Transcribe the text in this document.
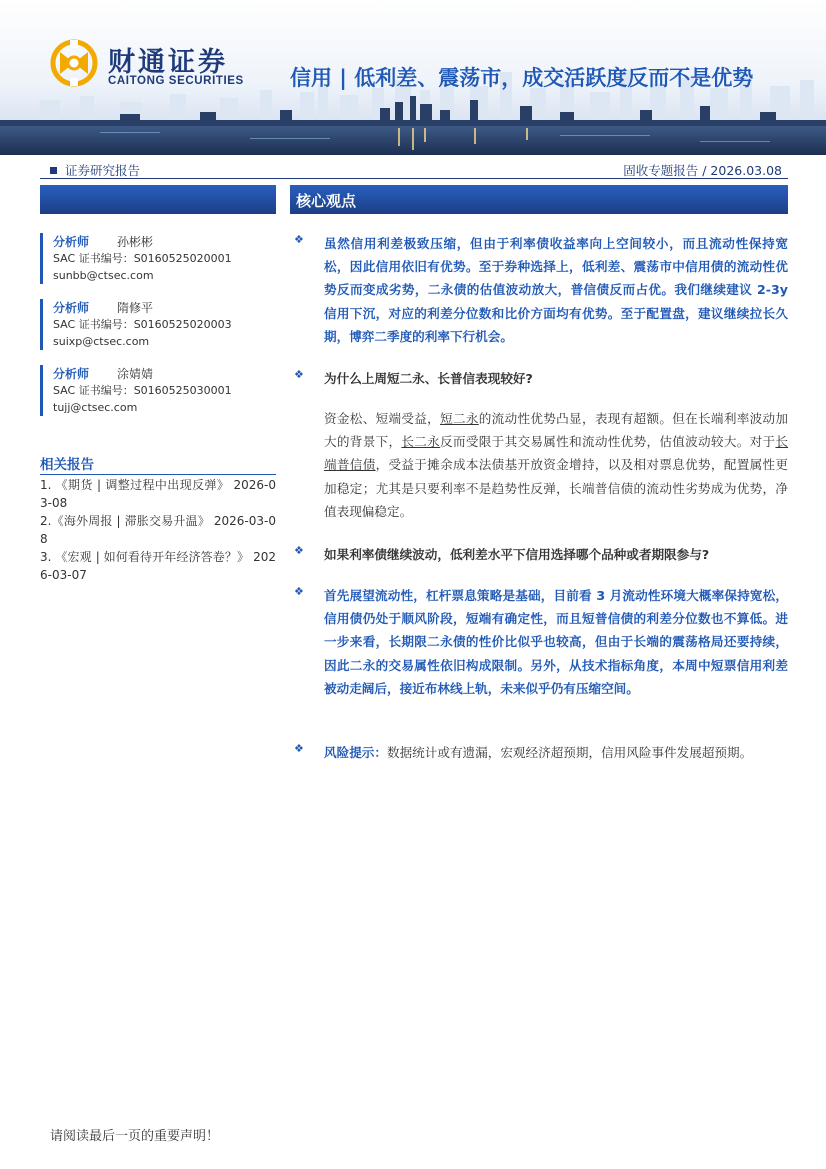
财通证券
CAITONG SECURITIES 信用 | 低利差、震荡市，成交活跃度反而不是优势
证券研究报告	固收专题报告 / 2026.03.08
分析师	孙彬彬
SAC 证书编号：S0160525020001
sunbb@ctsec.com
分析师	隋修平
SAC 证书编号：S0160525020003
suixp@ctsec.com
分析师	涂婧婧
SAC 证书编号：S0160525030001
tujj@ctsec.com
相关报告
1. 《期货 | 调整过程中出现反弹》 2026-03-08
2.《海外周报 | 滞胀交易升温》 2026-03-08
3. 《宏观 | 如何看待开年经济答卷？》 2026-03-07
核心观点
❖ 虽然信用利差极致压缩，但由于利率债收益率向上空间较小，而且流动性保持宽松，因此信用依旧有优势。至于券种选择上，低利差、震荡市中信用债的流动性优势反而变成劣势，二永债的估值波动放大，普信债反而占优。我们继续建议 2-3y 信用下沉，对应的利差分位数和比价方面均有优势。至于配置盘，建议继续拉长久期，博弈二季度的利率下行机会。
❖ 为什么上周短二永、长普信表现较好?
资金松、短端受益，短二永的流动性优势凸显，表现有超额。但在长端利率波动加大的背景下，长二永反而受限于其交易属性和流动性优势，估值波动较大。对于长端普信债，受益于摊余成本法债基开放资金增持，以及相对票息优势，配置属性更加稳定；尤其是只要利率不是趋势性反弹，长端普信债的流动性劣势成为优势，净值表现偏稳定。
❖ 如果利率债继续波动，低利差水平下信用选择哪个品种或者期限参与?
❖ 首先展望流动性，杠杆票息策略是基础，目前看 3 月流动性环境大概率保持宽松，信用债仍处于顺风阶段，短端有确定性，而且短普信债的利差分位数也不算低。进一步来看，长期限二永债的性价比似乎也较高，但由于长端的震荡格局还要持续，因此二永的交易属性依旧构成限制。另外，从技术指标角度，本周中短票信用利差被动走阔后，接近布林线上轨，未来似乎仍有压缩空间。
❖ 风险提示：数据统计或有遗漏，宏观经济超预期，信用风险事件发展超预期。
请阅读最后一页的重要声明！
